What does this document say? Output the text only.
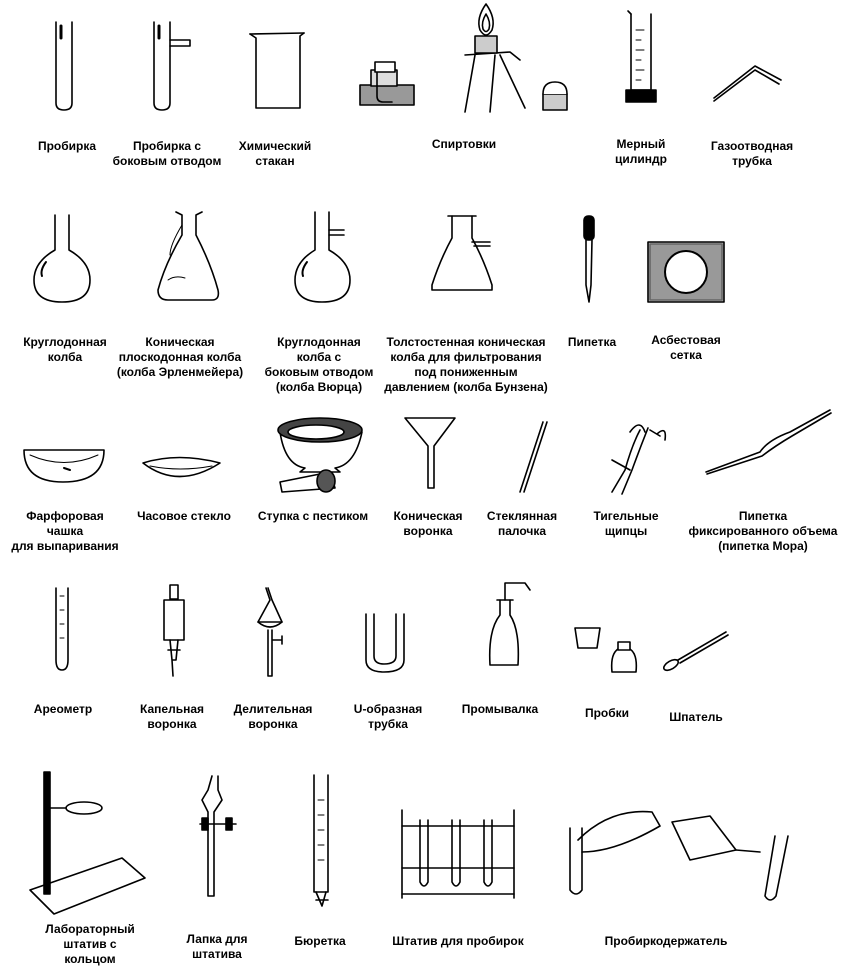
Пробирка	Пробирка с
боковым отводом
Химический
стакан
Спиртовки	Мерный
цилиндр
Газоотводная
трубка
Круглодонная
колба
Коническая
плоскодонная колба
(колба Эрленмейера)
Круглодонная
колба с
боковым отводом
(колба Вюрца)
Толстостенная коническая
колба для фильтрования
под пониженным
давлением (колба Бунзена)
Пипетка	Асбестовая
сетка
Фарфоровая
чашка
для выпаривания
Часовое стекло Ступка с пестиком Коническая
воронка
Стеклянная
палочка
Тигельные
щипцы
Пипетка
фиксированного объема
(пипетка Мора)
Ареометр	Капельная
воронка
Делительная
воронка
U-образная
трубка
Промывалка	Пробки	Шпатель
Лабораторный
штатив с
кольцом
Лапка для
штатива
Бюретка	Штатив для пробирок	Пробиркодержатель
